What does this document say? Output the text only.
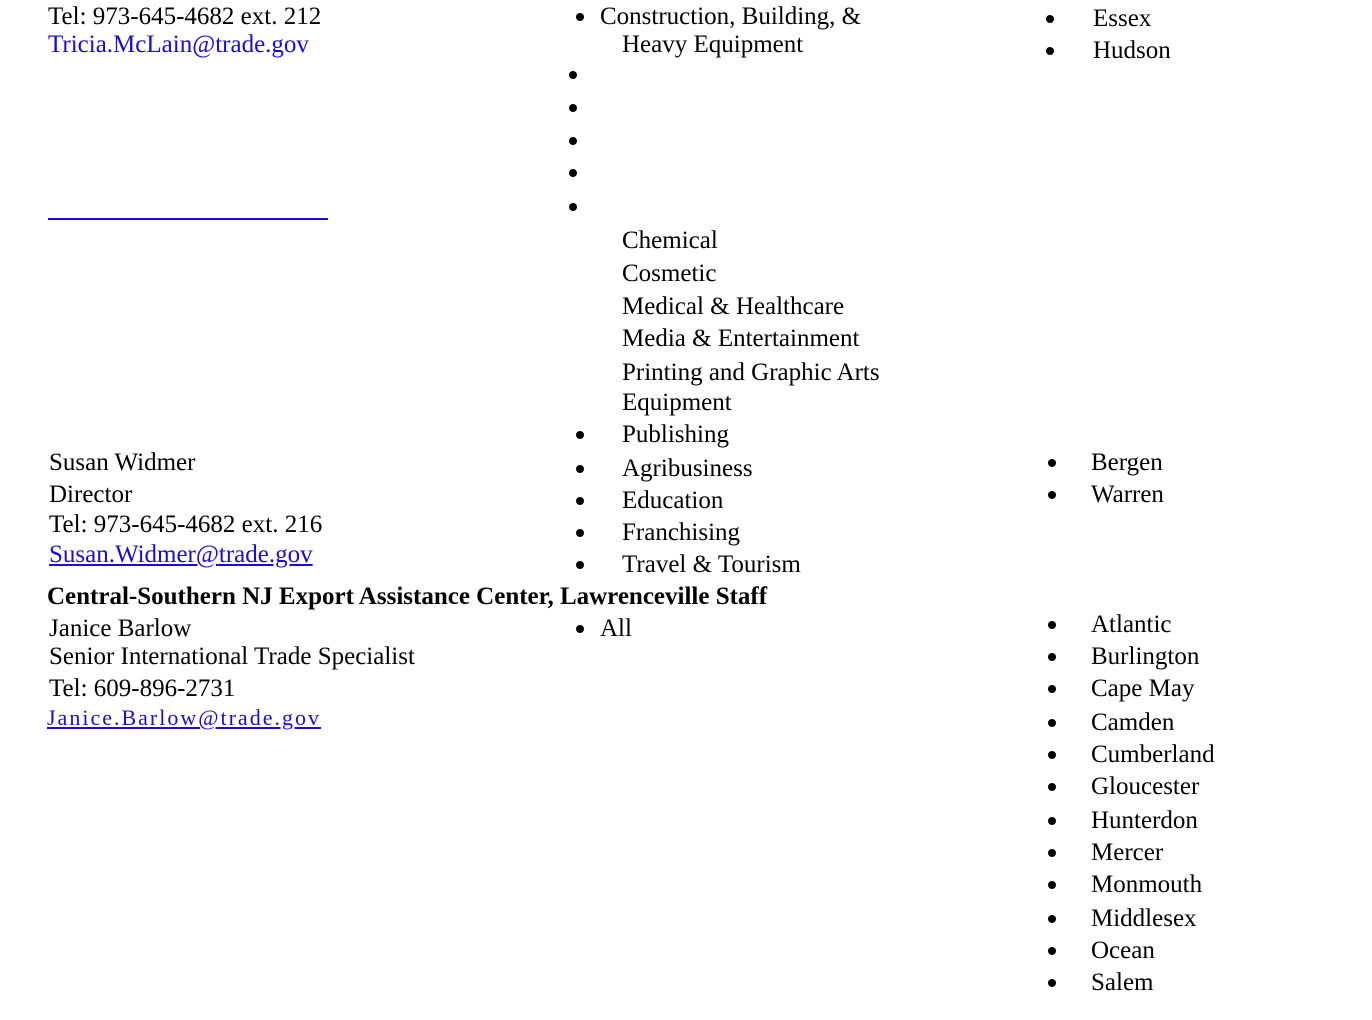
Tel: 973-645-4682 ext. 212
Tricia.McLain@trade.gov
Construction, Building, &
Heavy Equipment
Chemical
Cosmetic
Medical & Healthcare
Media & Entertainment
Printing and Graphic Arts
Equipment
Publishing
Agribusiness
Education
Franchising
Travel & Tourism
Essex
Hudson
Susan Widmer
Director
Tel: 973-645-4682 ext. 216
Susan.Widmer@trade.gov
Bergen
Warren
Central-Southern NJ Export Assistance Center, Lawrenceville Staff
Janice Barlow
Senior International Trade Specialist
Tel: 609-896-2731
Janice.Barlow@trade.gov
All	Atlantic
Burlington
Cape May
Camden
Cumberland
Gloucester
Hunterdon
Mercer
Monmouth
Middlesex
Ocean
Salem
